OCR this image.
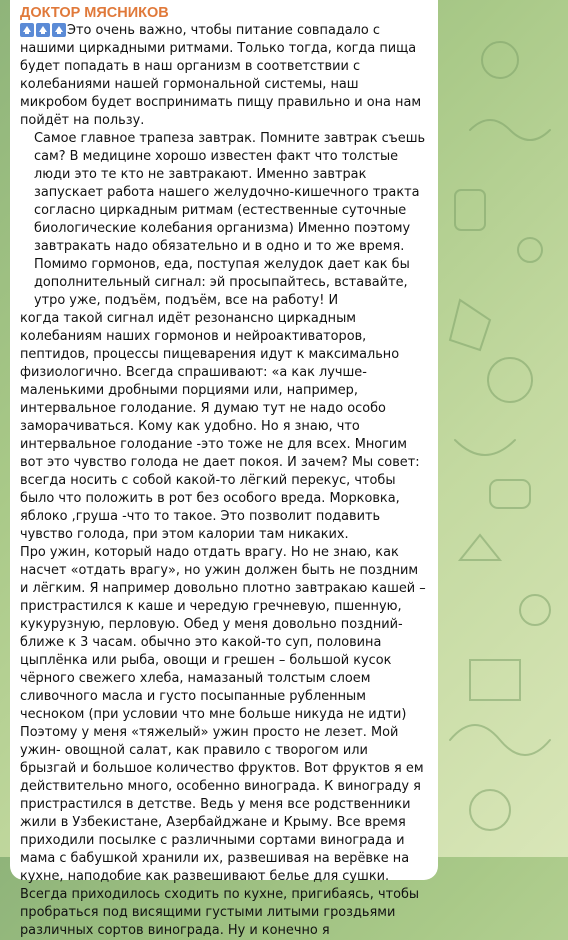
ДОКТОР МЯСНИКОВ

Это очень важно, чтобы питание совпадало с нашими циркадными ритмами. Только тогда, когда пища будет попадать в наш организм в соответствии с колебаниями нашей гормональной системы, наш микробом будет воспринимать пищу правильно и она нам пойдёт на пользу.

Самое главное трапеза завтрак. Помните завтрак съешь сам? В медицине хорошо известен факт что толстые люди это те кто не завтракают. Именно завтрак запускает работа нашего желудочно-кишечного тракта согласно циркадным ритмам (естественные суточные биологические колебания организма) Именно поэтому завтракать надо обязательно и в одно и то же время. Помимо гормонов, еда, поступая желудок дает как бы дополнительный сигнал: эй просыпайтесь, вставайте, утро уже, подъём, подъём, все на работу! И

когда такой сигнал идёт резонансно циркадным колебаниям наших гормонов и нейроактиваторов, пептидов, процессы пищеварения идут к максимально физиологично. Всегда спрашивают: «а как лучше- маленькими дробными порциями или, например, интервальное голодание. Я думаю тут не надо особо заморачиваться. Кому как удобно. Но я знаю, что интервальное голодание -это тоже не для всех. Многим вот это чувство голода не дает покоя. И зачем? Мы совет: всегда носить с собой какой-то лёгкий перекус, чтобы было что положить в рот без особого вреда. Морковка, яблоко ,груша -что то такое. Это позволит подавить чувство голода, при этом калории там никаких.

Про ужин, который надо отдать врагу. Но не знаю, как насчет «отдать врагу», но ужин должен быть не поздним и лёгким. Я например довольно плотно завтракаю кашей – пристрастился к каше и чередую гречневую, пшенную, кукурузную, перловую. Обед у меня довольно поздний- ближе к 3 часам. обычно это какой-то суп, половина цыплёнка или рыба, овощи и грешен – большой кусок чёрного свежего хлеба, намазаный толстым слоем сливочного масла и густо посыпанные рубленным чесноком (при условии что мне больше никуда не идти) Поэтому у меня «тяжелый» ужин просто не лезет. Мой ужин- овощной салат, как правило с творогом или брызгай и большое количество фруктов. Вот фруктов я ем действительно много, особенно винограда. К винограду я пристрастился в детстве. Ведь у меня все родственники жили в Узбекистане, Азербайджане и Крыму. Все время приходили посылке с различными сортами винограда и мама с бабушкой хранили их, развешивая на верёвке на кухне, наподобие как развешивают белье для сушки. Всегда приходилось сходить по кухне, пригибаясь, чтобы пробраться под висящими густыми литыми гроздьями различных сортов винограда. Ну и конечно я
